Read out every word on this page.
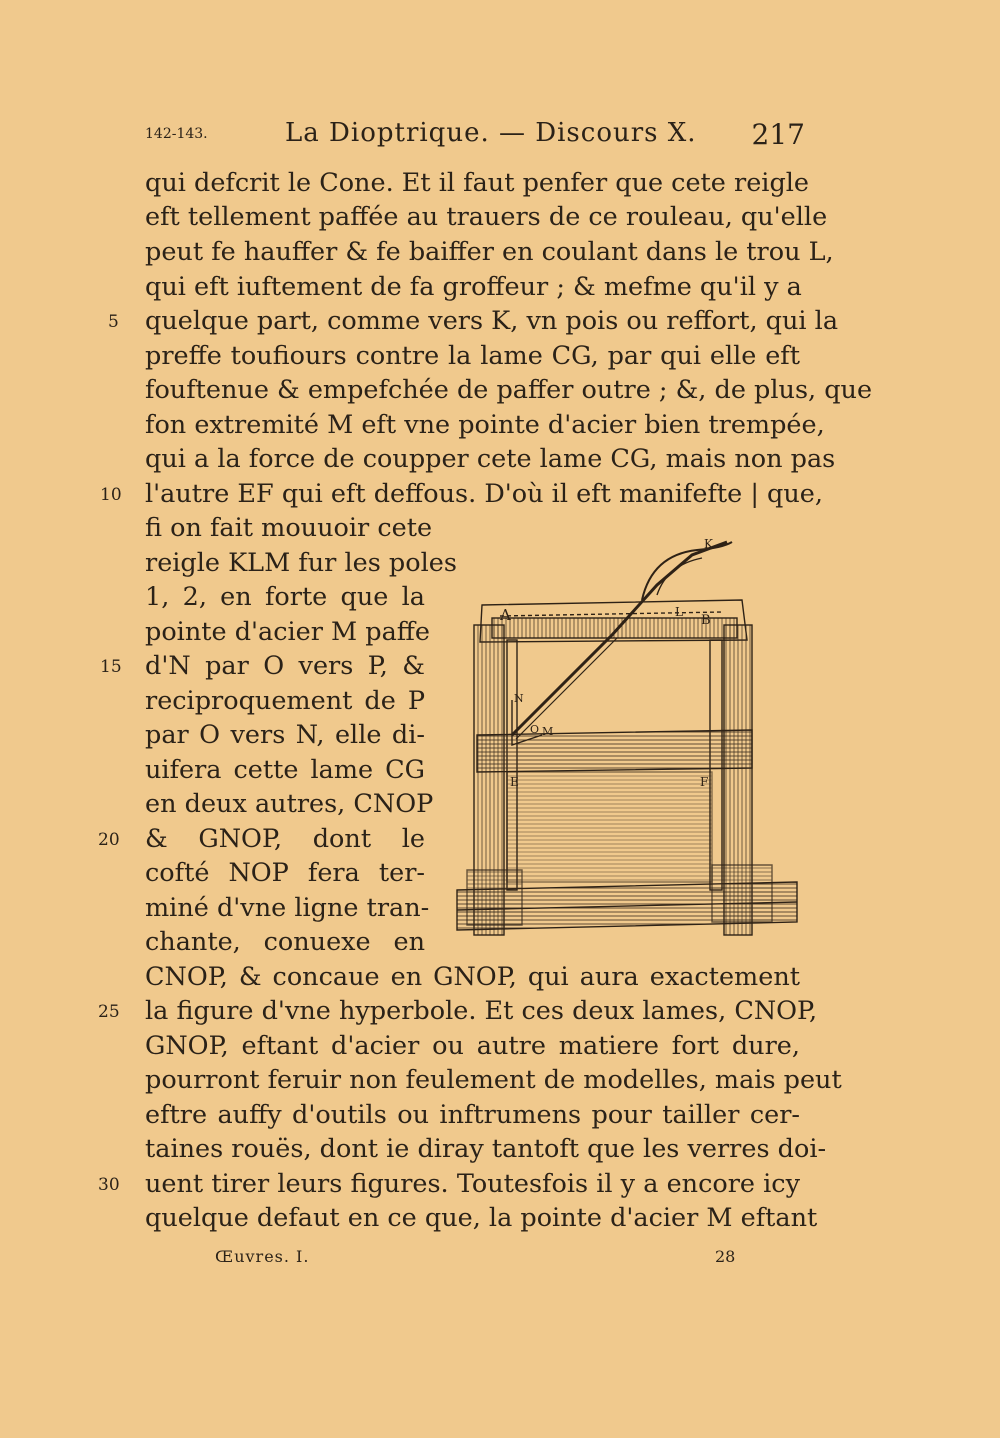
142-143.	La Dioptrique. — Discours X. 217
qui defcrit le Cone. Et il faut penfer que cete reigle
eft tellement paffée au trauers de ce rouleau, qu'elle
peut fe hauffer & fe baiffer en coulant dans le trou L,
qui eft iuftement de fa groffeur ; & mefme qu'il y a
quelque part, comme vers K, vn pois ou reffort, qui la
preffe toufiours contre la lame CG, par qui elle eft
fouftenue & empefchée de paffer outre ; &, de plus, que
fon extremité M eft vne pointe d'acier bien trempée,
qui a la force de coupper cete lame CG, mais non pas
l'autre EF qui eft deffous. D'où il eft manifefte | que,
fi on fait mouuoir cete
reigle KLM fur les poles
1, 2, en forte que la
pointe d'acier M paffe
d'N par O vers P, &
reciproquement de P
par O vers N, elle di-
uifera cette lame CG
en deux autres, CNOP
& GNOP, dont le
cofté NOP fera ter-
miné d'vne ligne tran-
chante, conuexe en
CNOP, & concaue en GNOP, qui aura exactement
la figure d'vne hyperbole. Et ces deux lames, CNOP,
GNOP, eftant d'acier ou autre matiere fort dure,
pourront feruir non feulement de modelles, mais peut
eftre auffy d'outils ou inftrumens pour tailler cer-
taines rouës, dont ie diray tantoft que les verres doi-
uent tirer leurs figures. Toutesfois il y a encore icy
quelque defaut en ce que, la pointe d'acier M eftant
5
10
15
20
25
30
K
A	L
B
N
O M
E	F
Œuvres. I.	28
